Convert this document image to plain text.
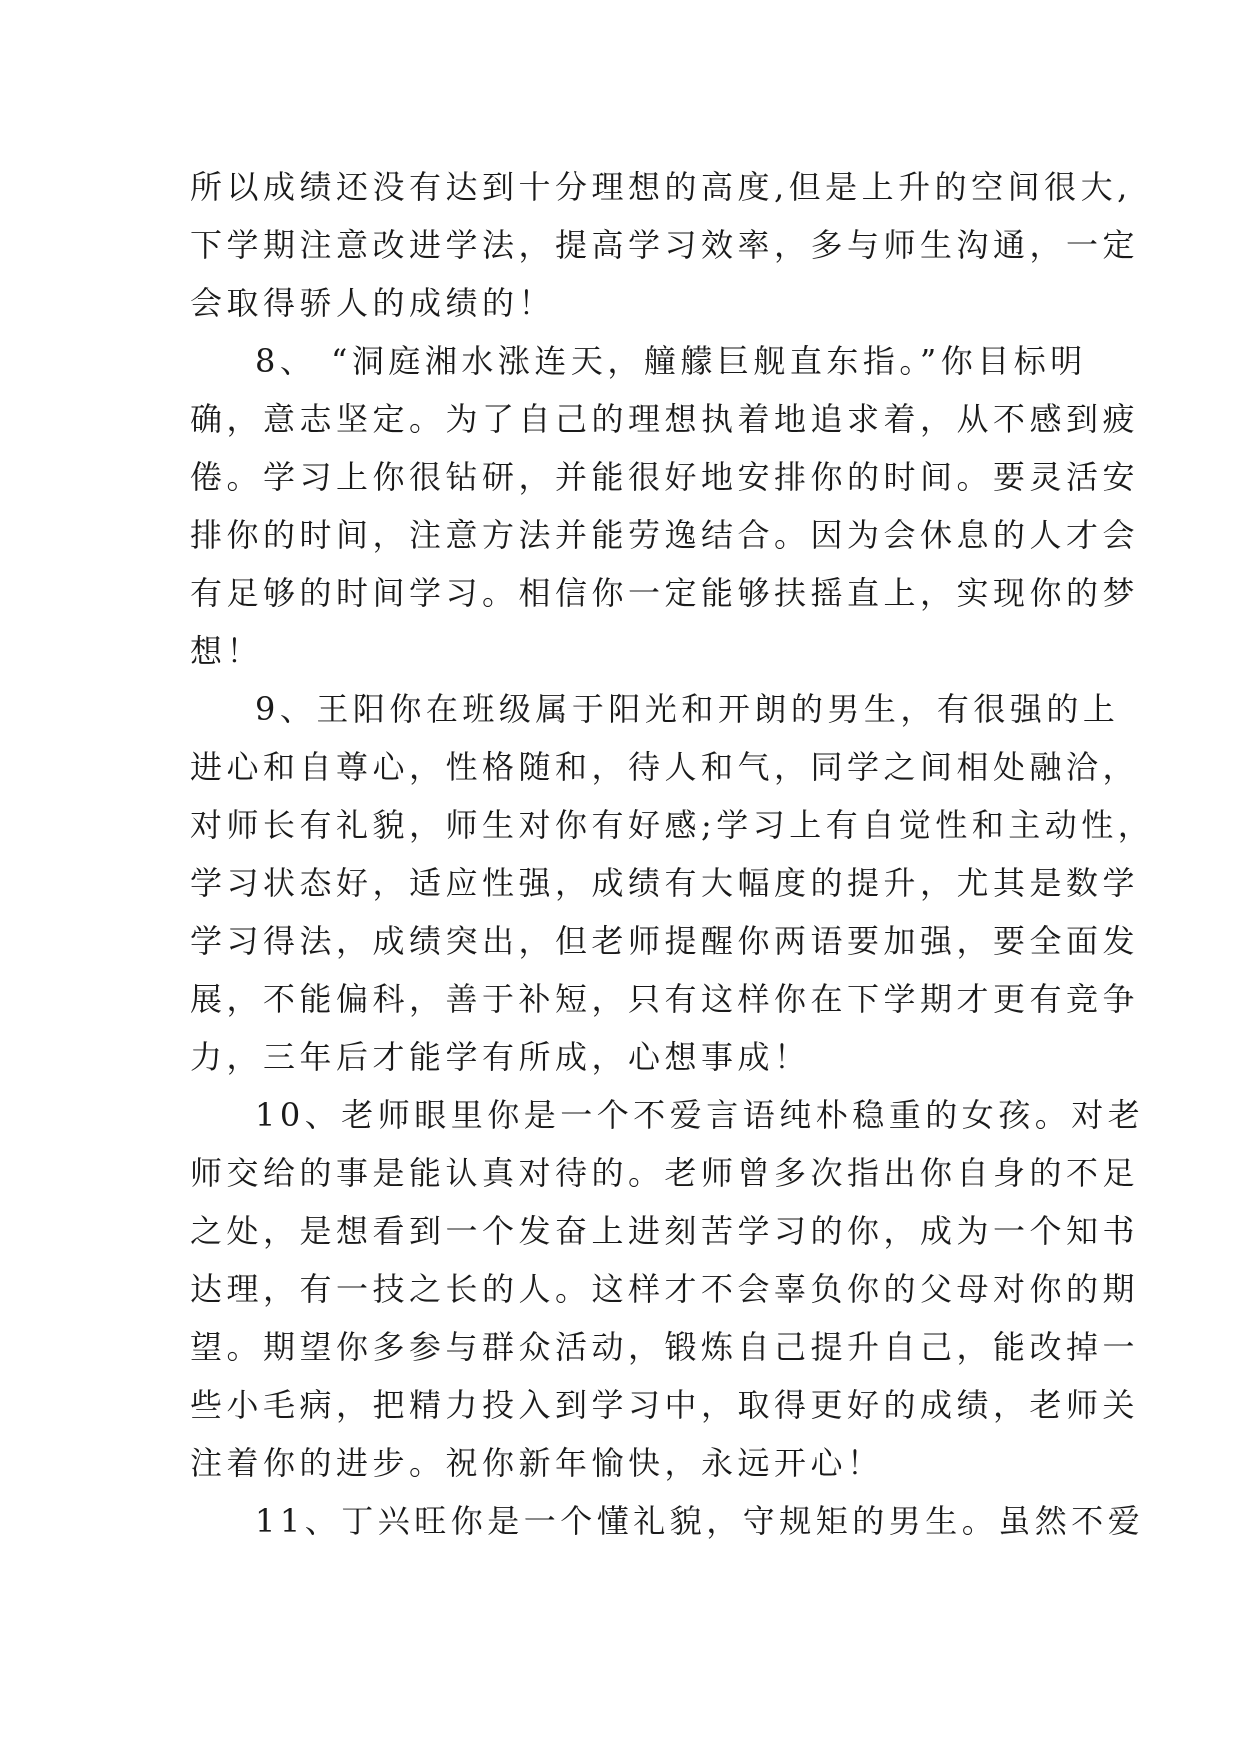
所以成绩还没有达到十分理想的高度,但是上升的空间很大,
下学期注意改进学法，提高学习效率，多与师生沟通，一定
会取得骄人的成绩的！
8、 “洞庭湘水涨连天，艟艨巨舰直东指。”你目标明
确，意志坚定。为了自己的理想执着地追求着，从不感到疲
倦。学习上你很钻研，并能很好地安排你的时间。要灵活安
排你的时间，注意方法并能劳逸结合。因为会休息的人才会
有足够的时间学习。相信你一定能够扶摇直上，实现你的梦
想！
9、王阳你在班级属于阳光和开朗的男生，有很强的上
进心和自尊心，性格随和，待人和气，同学之间相处融洽，
对师长有礼貌，师生对你有好感;学习上有自觉性和主动性，
学习状态好，适应性强，成绩有大幅度的提升，尤其是数学
学习得法，成绩突出，但老师提醒你两语要加强，要全面发
展，不能偏科，善于补短，只有这样你在下学期才更有竞争
力，三年后才能学有所成，心想事成！
10、老师眼里你是一个不爱言语纯朴稳重的女孩。对老
师交给的事是能认真对待的。老师曾多次指出你自身的不足
之处，是想看到一个发奋上进刻苦学习的你，成为一个知书
达理，有一技之长的人。这样才不会辜负你的父母对你的期
望。期望你多参与群众活动，锻炼自己提升自己，能改掉一
些小毛病，把精力投入到学习中，取得更好的成绩，老师关
注着你的进步。祝你新年愉快，永远开心！
11、丁兴旺你是一个懂礼貌，守规矩的男生。虽然不爱
